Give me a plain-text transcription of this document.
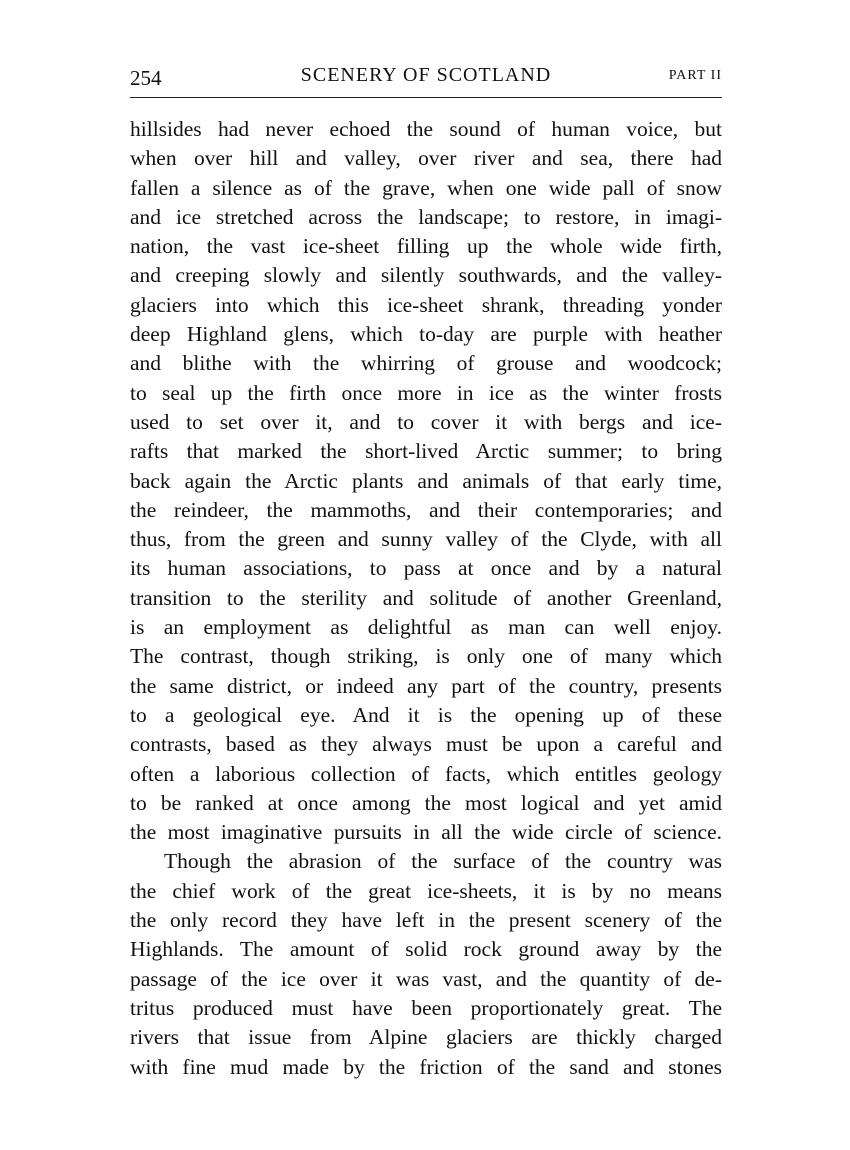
254	SCENERY OF SCOTLAND	PART II
hillsides had never echoed the sound of human voice, but
when over hill and valley, over river and sea, there had
fallen a silence as of the grave, when one wide pall of snow
and ice stretched across the landscape; to restore, in imagi-
nation, the vast ice-sheet filling up the whole wide firth,
and creeping slowly and silently southwards, and the valley-
glaciers into which this ice-sheet shrank, threading yonder
deep Highland glens, which to-day are purple with heather
and blithe with the whirring of grouse and woodcock;
to seal up the firth once more in ice as the winter frosts
used to set over it, and to cover it with bergs and ice-
rafts that marked the short-lived Arctic summer; to bring
back again the Arctic plants and animals of that early time,
the reindeer, the mammoths, and their contemporaries; and
thus, from the green and sunny valley of the Clyde, with all
its human associations, to pass at once and by a natural
transition to the sterility and solitude of another Greenland,
is an employment as delightful as man can well enjoy.
The contrast, though striking, is only one of many which
the same district, or indeed any part of the country, presents
to a geological eye. And it is the opening up of these
contrasts, based as they always must be upon a careful and
often a laborious collection of facts, which entitles geology
to be ranked at once among the most logical and yet amid
the most imaginative pursuits in all the wide circle of science.
Though the abrasion of the surface of the country was
the chief work of the great ice-sheets, it is by no means
the only record they have left in the present scenery of the
Highlands. The amount of solid rock ground away by the
passage of the ice over it was vast, and the quantity of de-
tritus produced must have been proportionately great. The
rivers that issue from Alpine glaciers are thickly charged
with fine mud made by the friction of the sand and stones
